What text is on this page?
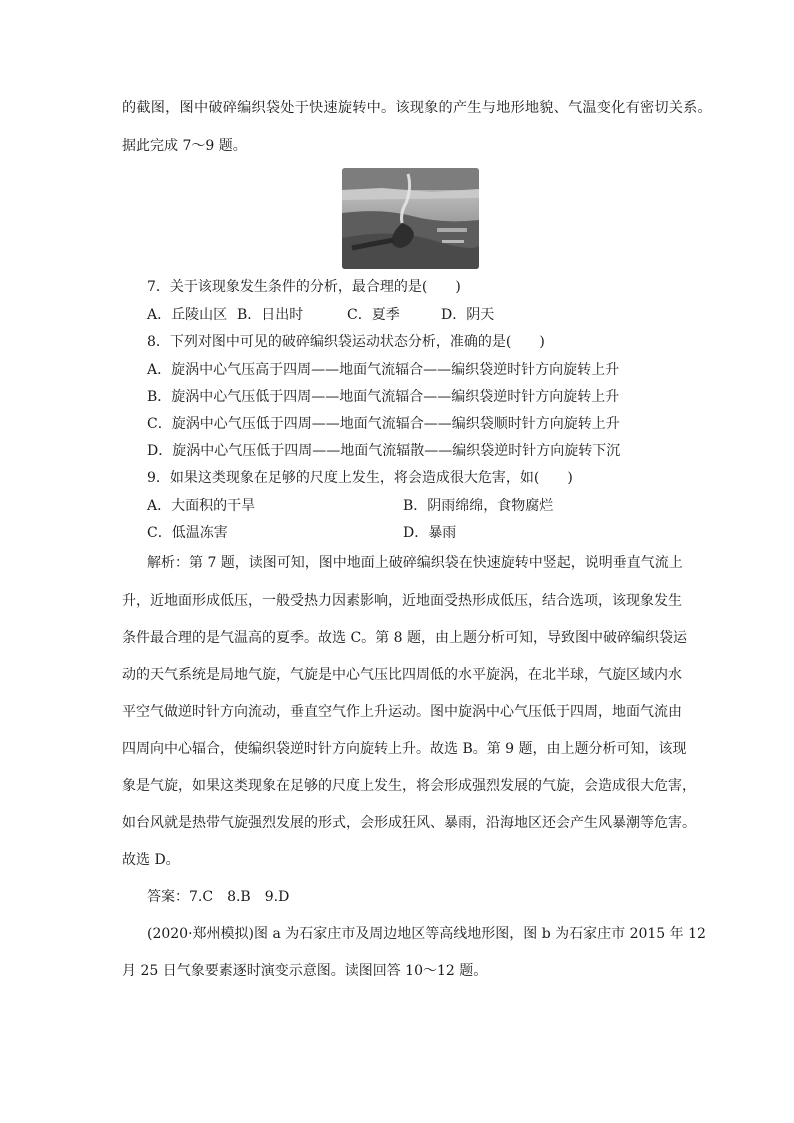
的截图，图中破碎编织袋处于快速旋转中。该现象的产生与地形地貌、气温变化有密切关系。
据此完成 7～9 题。
7．关于该现象发生条件的分析，最合理的是(　　)
A．丘陵山区 B．日出时	C．夏季	D．阴天
8．下列对图中可见的破碎编织袋运动状态分析，准确的是(　　)
A．旋涡中心气压高于四周——地面气流辐合——编织袋逆时针方向旋转上升
B．旋涡中心气压低于四周——地面气流辐合——编织袋逆时针方向旋转上升
C．旋涡中心气压低于四周——地面气流辐合——编织袋顺时针方向旋转上升
D．旋涡中心气压低于四周——地面气流辐散——编织袋逆时针方向旋转下沉
9．如果这类现象在足够的尺度上发生，将会造成很大危害，如(　　)
A．大面积的干旱	B．阴雨绵绵，食物腐烂
C．低温冻害	D．暴雨
解析：第 7 题，读图可知，图中地面上破碎编织袋在快速旋转中竖起，说明垂直气流上
升，近地面形成低压，一般受热力因素影响，近地面受热形成低压，结合选项，该现象发生
条件最合理的是气温高的夏季。故选 C。第 8 题，由上题分析可知，导致图中破碎编织袋运
动的天气系统是局地气旋，气旋是中心气压比四周低的水平旋涡，在北半球，气旋区域内水
平空气做逆时针方向流动，垂直空气作上升运动。图中旋涡中心气压低于四周，地面气流由
四周向中心辐合，使编织袋逆时针方向旋转上升。故选 B。第 9 题，由上题分析可知，该现
象是气旋，如果这类现象在足够的尺度上发生，将会形成强烈发展的气旋，会造成很大危害，
如台风就是热带气旋强烈发展的形式，会形成狂风、暴雨，沿海地区还会产生风暴潮等危害。
故选 D。
答案：7.C　8.B　9.D
(2020·郑州模拟)图 a 为石家庄市及周边地区等高线地形图，图 b 为石家庄市 2015 年 12
月 25 日气象要素逐时演变示意图。读图回答 10～12 题。
